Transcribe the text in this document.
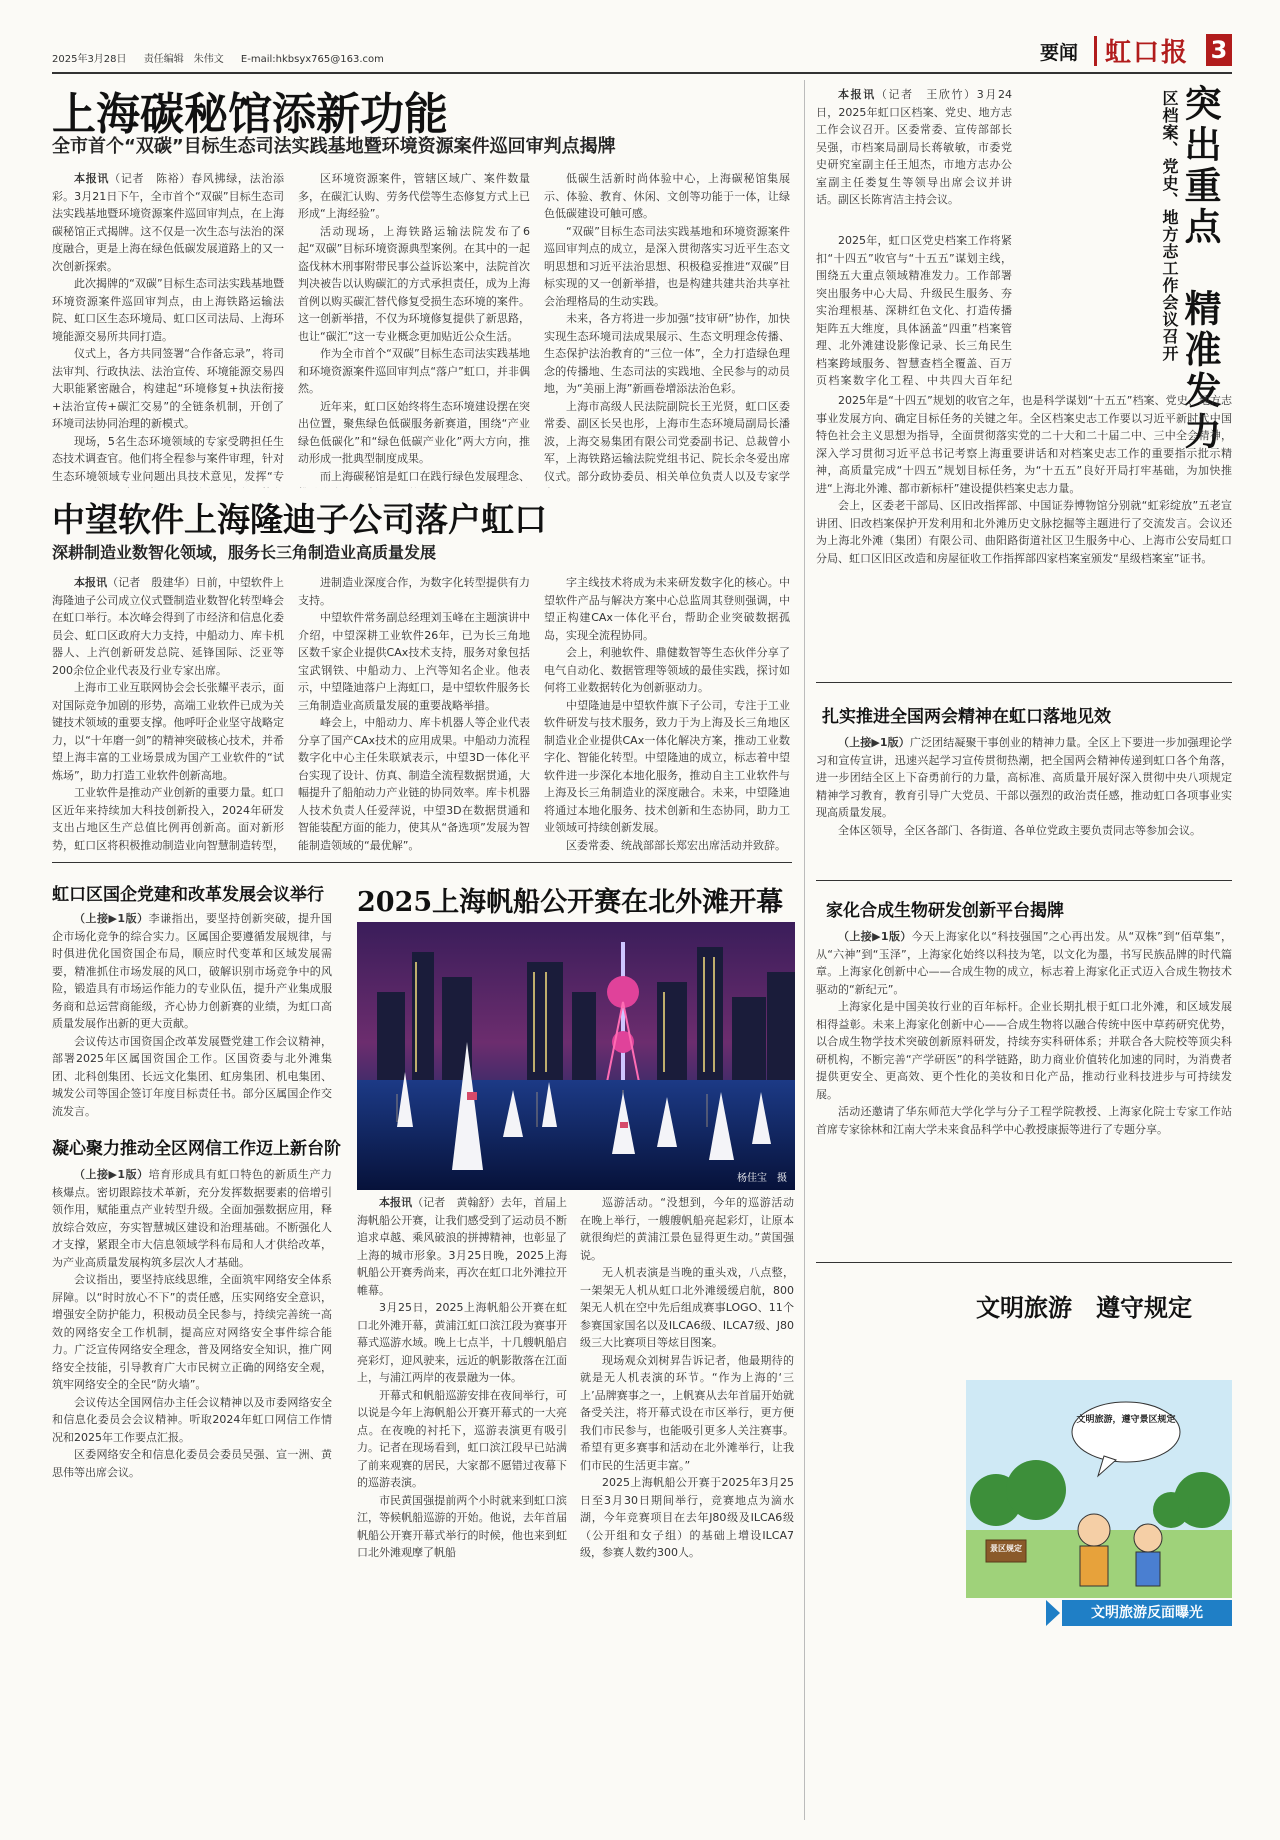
2025年3月28日 责任编辑　朱伟文 E-mail:hkbsyx765@163.com	要闻 虹口报 3
上海碳秘馆添新功能
全市首个“双碳”目标生态司法实践基地暨环境资源案件巡回审判点揭牌

本报讯（记者　陈裕）春风拂绿，法治添彩。3月21日下午，全市首个“双碳”目标生态司法实践基地暨环境资源案件巡回审判点，在上海碳秘馆正式揭牌。这不仅是一次生态与法治的深度融合，更是上海在绿色低碳发展道路上的又一次创新探索。

此次揭牌的“双碳”目标生态司法实践基地暨环境资源案件巡回审判点，由上海铁路运输法院、虹口区生态环境局、虹口区司法局、上海环境能源交易所共同打造。

仪式上，各方共同签署“合作备忘录”，将司法审判、行政执法、法治宣传、环境能源交易四大职能紧密融合，构建起“环境修复+执法衔接+法治宣传+碳汇交易”的全链条机制，开创了环境司法协同治理的新模式。

现场，5名生态环境领域的专家受聘担任生态技术调查官。他们将全程参与案件审理，针对生态环境领域专业问题出具技术意见，发挥“专

区环境资源案件，管辖区域广、案件数量多，在碳汇认购、劳务代偿等生态修复方式上已形成“上海经验”。

活动现场，上海铁路运输法院发布了6起“双碳”目标环境资源典型案例。在其中的一起盗伐林木刑事附带民事公益诉讼案中，法院首次判决被告以认购碳汇的方式承担责任，成为上海首例以购买碳汇替代修复受损生态环境的案件。这一创新举措，不仅为环境修复提供了新思路，也让“碳汇”这一专业概念更加贴近公众生活。

作为全市首个“双碳”目标生态司法实践基地和环境资源案件巡回审判点“落户”虹口，并非偶然。

近年来，虹口区始终将生态环境建设摆在突出位置，聚焦绿色低碳服务新赛道，围绕“产业绿色低碳化”和“绿色低碳产业化”两大方向，推动形成一批典型制度成果。

而上海碳秘馆是虹口在践行绿色发展理念、

低碳生活新时尚体验中心，上海碳秘馆集展示、体验、教育、休闲、文创等功能于一体，让绿色低碳建设可触可感。

“双碳”目标生态司法实践基地和环境资源案件巡回审判点的成立，是深入贯彻落实习近平生态文明思想和习近平法治思想、积极稳妥推进“双碳”目标实现的又一创新举措，也是构建共建共治共享社会治理格局的生动实践。

未来，各方将进一步加强“技审研”协作，加快实现生态环境司法成果展示、生态文明理念传播、生态保护法治教育的“三位一体”，全力打造绿色理念的传播地、生态司法的实践地、全民参与的动员地，为“美丽上海”新画卷增添法治色彩。

上海市高级人民法院副院长王光贤，虹口区委常委、副区长吴也彤，上海市生态环境局副局长潘波，上海交易集团有限公司党委副书记、总裁曾小军，上海铁路运输法院党组书记、院长余冬爱出席仪式。部分政协委员、相关单位负责人以及专家学

中望软件上海隆迪子公司落户虹口
深耕制造业数智化领域，服务长三角制造业高质量发展

本报讯（记者　殷建华）日前，中望软件上海隆迪子公司成立仪式暨制造业数智化转型峰会在虹口举行。本次峰会得到了市经济和信息化委员会、虹口区政府大力支持，中船动力、库卡机器人、上汽创新研发总院、延锋国际、泛亚等200余位企业代表及行业专家出席。

上海市工业互联网协会会长张耀平表示，面对国际竞争加剧的形势，高端工业软件已成为关键技术领域的重要支撑。他呼吁企业坚守战略定力，以“十年磨一剑”的精神突破核心技术，并希望上海丰富的工业场景成为国产工业软件的“试炼场”，助力打造工业软件创新高地。

工业软件是推动产业创新的重要力量。虹口区近年来持续加大科技创新投入，2024年研发支出占地区生产总值比例再创新高。面对新形势，虹口区将积极推动制造业向智慧制造转型，

进制造业深度合作，为数字化转型提供有力支持。

中望软件常务副总经理刘玉峰在主题演讲中介绍，中望深耕工业软件26年，已为长三角地区数千家企业提供CAx技术支持，服务对象包括宝武钢铁、中船动力、上汽等知名企业。他表示，中望隆迪落户上海虹口，是中望软件服务长三角制造业高质量发展的重要战略举措。

峰会上，中船动力、库卡机器人等企业代表分享了国产CAx技术的应用成果。中船动力流程数字化中心主任朱联斌表示，中望3D一体化平台实现了设计、仿真、制造全流程数据贯通，大幅提升了船舶动力产业链的协同效率。库卡机器人技术负责人任爱萍说，中望3D在数据贯通和智能装配方面的能力，使其从“备选项”发展为智能制造领域的“最优解”。

字主线技术将成为未来研发数字化的核心。中望软件产品与解决方案中心总监周其登则强调，中望正构建CAx一体化平台，帮助企业突破数据孤岛，实现全流程协同。

会上，利驰软件、鼎健数智等生态伙伴分享了电气自动化、数据管理等领域的最佳实践，探讨如何将工业数据转化为创新驱动力。

中望隆迪是中望软件旗下子公司，专注于工业软件研发与技术服务，致力于为上海及长三角地区制造业企业提供CAx一体化解决方案，推动工业数字化、智能化转型。中望隆迪的成立，标志着中望软件进一步深化本地化服务，推动自主工业软件与上海及长三角制造业的深度融合。未来，中望隆迪将通过本地化服务、技术创新和生态协同，助力工业领域可持续创新发展。

区委常委、统战部部长郑宏出席活动并致辞。

突出重点　精准发力
区档案、党史、地方志工作会议召开

本报讯（记者　王欣竹）3月24日，2025年虹口区档案、党史、地方志工作会议召开。区委常委、宣传部部长吴强，市档案局副局长蒋敏敏，市委党史研究室副主任王旭杰，市地方志办公室副主任娄复生等领导出席会议并讲话。副区长陈宵洁主持会议。

2025年，虹口区党史档案工作将紧扣“十四五”收官与“十五五”谋划主线，围绕五大重点领域精准发力。工作部署突出服务中心大局、升级民生服务、夯实治理根基、深耕红色文化、打造传播矩阵五大维度，具体涵盖“四重”档案管理、北外滩建设影像记录、长三角民生档案跨域服务、智慧查档全覆盖、百万页档案数字化工程、中共四大百年纪

2025年是“十四五”规划的收官之年，也是科学谋划“十五五”档案、党史、地方志事业发展方向、确定目标任务的关键之年。全区档案史志工作要以习近平新时代中国特色社会主义思想为指导，全面贯彻落实党的二十大和二十届二中、三中全会精神，深入学习贯彻习近平总书记考察上海重要讲话和对档案史志工作的重要指示批示精神，高质量完成“十四五”规划目标任务，为“十五五”良好开局打牢基础，为加快推进“上海北外滩、都市新标杆”建设提供档案史志力量。

会上，区委老干部局、区旧改指挥部、中国证券博物馆分别就“虹彩绽放”五老宣讲团、旧改档案保护开发利用和北外滩历史文脉挖掘等主题进行了交流发言。会议还为上海北外滩（集团）有限公司、曲阳路街道社区卫生服务中心、上海市公安局虹口分局、虹口区旧区改造和房屋征收工作指挥部四家档案室颁发“星级档案室”证书。

扎实推进全国两会精神在虹口落地见效

（上接▶1版）广泛团结凝聚干事创业的精神力量。全区上下要进一步加强理论学习和宣传宣讲，迅速兴起学习宣传贯彻热潮，把全国两会精神传递到虹口各个角落，进一步团结全区上下奋勇前行的力量，高标准、高质量开展好深入贯彻中央八项规定精神学习教育，教育引导广大党员、干部以强烈的政治责任感，推动虹口各项事业实现高质量发展。

全体区领导，全区各部门、各街道、各单位党政主要负责同志等参加会议。

家化合成生物研发创新平台揭牌

（上接▶1版）今天上海家化以“科技强国”之心再出发。从“双株”到“佰草集”，从“六神”到“玉泽”，上海家化始终以科技为笔，以文化为墨，书写民族品牌的时代篇章。上海家化创新中心——合成生物的成立，标志着上海家化正式迈入合成生物技术驱动的“新纪元”。

上海家化是中国美妆行业的百年标杆。企业长期扎根于虹口北外滩，和区域发展相得益彰。未来上海家化创新中心——合成生物将以融合传统中医中草药研究优势，以合成生物学技术突破创新原料研发，持续夯实科研体系；并联合各大院校等顶尖科研机构，不断完善“产学研医”的科学链路，助力商业价值转化加速的同时，为消费者提供更安全、更高效、更个性化的美妆和日化产品，推动行业科技进步与可持续发展。

活动还邀请了华东师范大学化学与分子工程学院教授、上海家化院士专家工作站首席专家徐林和江南大学未来食品科学中心教授康振等进行了专题分享。

虹口区国企党建和改革发展会议举行

（上接▶1版）李谦指出，要坚持创新突破，提升国企市场化竞争的综合实力。区属国企要遵循发展规律，与时俱进优化国资国企布局，顺应时代变革和区域发展需要，精准抓住市场发展的风口，破解识别市场竞争中的风险，锻造具有市场运作能力的专业队伍，提升产业集成服务商和总运营商能级，齐心协力创新赛的业绩，为虹口高质量发展作出新的更大贡献。

会议传达市国资国企改革发展暨党建工作会议精神，部署2025年区属国资国企工作。区国资委与北外滩集团、北科创集团、长远文化集团、虹房集团、机电集团、城发公司等国企签订年度目标责任书。部分区属国企作交流发言。

凝心聚力推动全区网信工作迈上新台阶

（上接▶1版）培育形成具有虹口特色的新质生产力核爆点。密切跟踪技术革新，充分发挥数据要素的倍增引领作用，赋能重点产业转型升级。全面加强数据应用，释放综合效应，夯实智慧城区建设和治理基础。不断强化人才支撑，紧跟全市大信息领域学科布局和人才供给改革，为产业高质量发展构筑多层次人才基础。

会议指出，要坚持底线思维，全面筑牢网络安全体系屏障。以“时时放心不下”的责任感，压实网络安全意识，增强安全防护能力，积极动员全民参与，持续完善统一高效的网络安全工作机制，提高应对网络安全事件综合能力。广泛宣传网络安全理念，普及网络安全知识，推广网络安全技能，引导教育广大市民树立正确的网络安全观，筑牢网络安全的全民“防火墙”。

会议传达全国网信办主任会议精神以及市委网络安全和信息化委员会会议精神。听取2024年虹口网信工作情况和2025年工作要点汇报。

区委网络安全和信息化委员会委员吴强、宣一洲、黄思伟等出席会议。

2025上海帆船公开赛在北外滩开幕
杨佳宝　摄

本报讯（记者　黄翰舒）去年，首届上海帆船公开赛，让我们感受到了运动员不断追求卓越、乘风破浪的拼搏精神，也彰显了上海的城市形象。3月25日晚，2025上海帆船公开赛秀尚来，再次在虹口北外滩拉开帷幕。

3月25日，2025上海帆船公开赛在虹口北外滩开幕，黄浦江虹口滨江段为赛事开幕式巡游水域。晚上七点半，十几艘帆船启亮彩灯，迎风驶来，远近的帆影散落在江面上，与浦江两岸的夜景融为一体。

开幕式和帆船巡游安排在夜间举行，可以说是今年上海帆船公开赛开幕式的一大亮点。在夜晚的衬托下，巡游表演更有吸引力。记者在现场看到，虹口滨江段早已站满了前来观赛的居民，大家都不愿错过夜幕下的巡游表演。

市民黄国强提前两个小时就来到虹口滨江，等候帆船巡游的开始。他说，去年首届帆船公开赛开幕式举行的时候，他也来到虹口北外滩观摩了帆船

巡游活动。“没想到，今年的巡游活动在晚上举行，一艘艘帆船亮起彩灯，让原本就很绚烂的黄浦江景色显得更生动。”黄国强说。

无人机表演是当晚的重头戏，八点整，一架架无人机从虹口北外滩缓缓启航，800架无人机在空中先后组成赛事LOGO、11个参赛国家国名以及ILCA6级、ILCA7级、J80级三大比赛项目等炫目图案。

现场观众刘树昇告诉记者，他最期待的就是无人机表演的环节。“作为上海的‘三上’品牌赛事之一，上帆赛从去年首届开始就备受关注，将开幕式设在市区举行，更方便我们市民参与，也能吸引更多人关注赛事。希望有更多赛事和活动在北外滩举行，让我们市民的生活更丰富。”

2025上海帆船公开赛于2025年3月25日至3月30日期间举行，竞赛地点为滴水湖，今年竞赛项目在去年J80级及ILCA6级（公开组和女子组）的基础上增设ILCA7级，参赛人数约300人。

文明旅游　遵守规定
文明旅游，遵守景区规定
景区规定
文明旅游反面曝光
